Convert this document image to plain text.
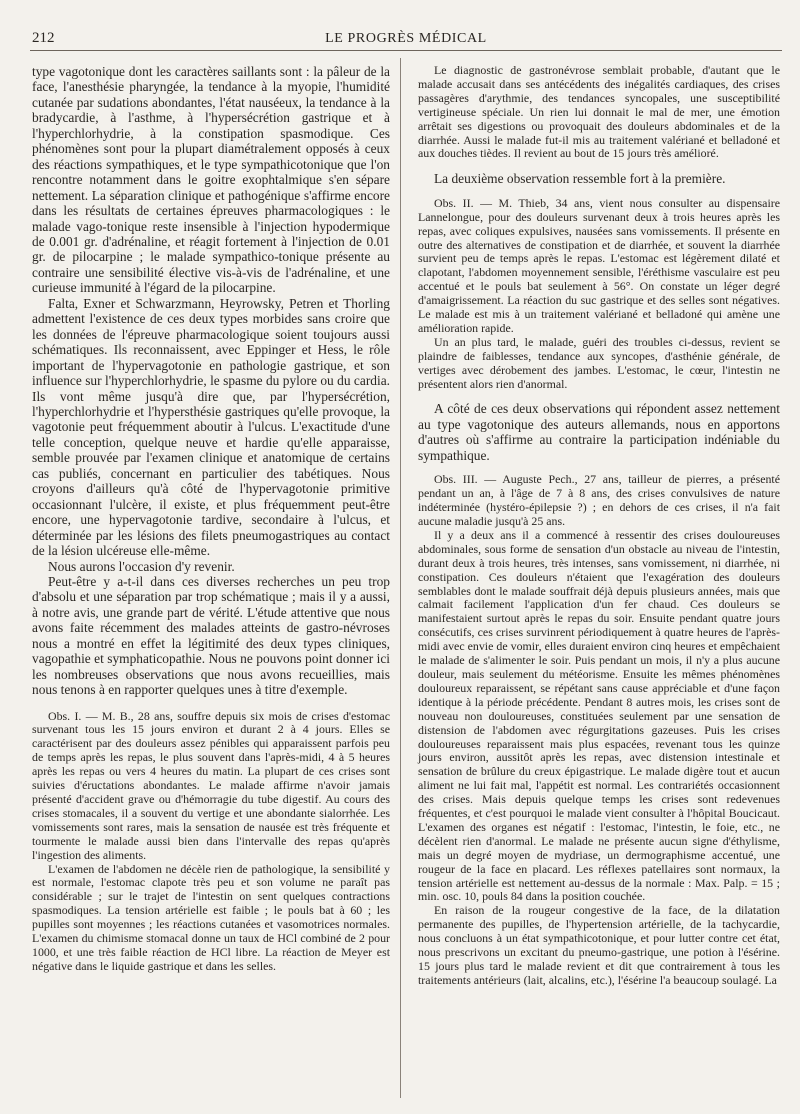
212	LE PROGRÈS MÉDICAL

type vagotonique dont les caractères saillants sont : la pâleur de la face, l'anesthésie pharyngée, la tendance à la myopie, l'humidité cutanée par sudations abondantes, l'état nauséeux, la tendance à la bradycardie, à l'asthme, à l'hypersécrétion gastrique et à l'hyperchlorhydrie, à la constipation spasmodique. Ces phénomènes sont pour la plupart diamétralement opposés à ceux des réactions sympathiques, et le type sympathicotonique que l'on rencontre notamment dans le goitre exophtalmique s'en sépare nettement. La séparation clinique et pathogénique s'affirme encore dans les résultats de certaines épreuves pharmacologiques : le malade vago-tonique reste insensible à l'injection hypodermique de 0.001 gr. d'adrénaline, et réagit fortement à l'injection de 0.01 gr. de pilocarpine ; le malade sympathico-tonique présente au contraire une sensibilité élective vis-à-vis de l'adrénaline, et une curieuse immunité à l'égard de la pilocarpine.

Falta, Exner et Schwarzmann, Heyrowsky, Petren et Thorling admettent l'existence de ces deux types morbides sans croire que les données de l'épreuve pharmacologique soient toujours aussi schématiques. Ils reconnaissent, avec Eppinger et Hess, le rôle important de l'hypervagotonie en pathologie gastrique, et son influence sur l'hyperchlorhydrie, le spasme du pylore ou du cardia. Ils vont même jusqu'à dire que, par l'hypersécrétion, l'hyperchlorhydrie et l'hypersthésie gastriques qu'elle provoque, la vagotonie peut fréquemment aboutir à l'ulcus. L'exactitude d'une telle conception, quelque neuve et hardie qu'elle apparaisse, semble prouvée par l'examen clinique et anatomique de certains cas publiés, concernant en particulier des tabétiques. Nous croyons d'ailleurs qu'à côté de l'hypervagotonie primitive occasionnant l'ulcère, il existe, et plus fréquemment peut-être encore, une hypervagotonie tardive, secondaire à l'ulcus, et déterminée par les lésions des filets pneumogastriques au contact de la lésion ulcéreuse elle-même.

Nous aurons l'occasion d'y revenir.

Peut-être y a-t-il dans ces diverses recherches un peu trop d'absolu et une séparation par trop schématique ; mais il y a aussi, à notre avis, une grande part de vérité. L'étude attentive que nous avons faite récemment des malades atteints de gastro-névroses nous a montré en effet la légitimité des deux types cliniques, vagopathie et symphaticopathie. Nous ne pouvons point donner ici les nombreuses observations que nous avons recueillies, mais nous tenons à en rapporter quelques unes à titre d'exemple.

Obs. I. — M. B., 28 ans, souffre depuis six mois de crises d'estomac survenant tous les 15 jours environ et durant 2 à 4 jours. Elles se caractérisent par des douleurs assez pénibles qui apparaissent parfois peu de temps après les repas, le plus souvent dans l'après-midi, 4 à 5 heures après les repas ou vers 4 heures du matin. La plupart de ces crises sont suivies d'éructations abondantes. Le malade affirme n'avoir jamais présenté d'accident grave ou d'hémorragie du tube digestif. Au cours des crises stomacales, il a souvent du vertige et une abondante sialorrhée. Les vomissements sont rares, mais la sensation de nausée est très fréquente et tourmente le malade aussi bien dans l'intervalle des repas qu'après l'ingestion des aliments.

L'examen de l'abdomen ne décèle rien de pathologique, la sensibilité y est normale, l'estomac clapote très peu et son volume ne paraît pas considérable ; sur le trajet de l'intestin on sent quelques contractions spasmodiques. La tension artérielle est faible ; le pouls bat à 60 ; les pupilles sont moyennes ; les réactions cutanées et vasomotrices normales. L'examen du chimisme stomacal donne un taux de HCl combiné de 2 pour 1000, et une très faible réaction de HCl libre. La réaction de Meyer est négative dans le liquide gastrique et dans les selles.

Le diagnostic de gastronévrose semblait probable, d'autant que le malade accusait dans ses antécédents des inégalités cardiaques, des crises passagères d'arythmie, des tendances syncopales, une susceptibilité vertigineuse spéciale. Un rien lui donnait le mal de mer, une émotion arrêtait ses digestions ou provoquait des douleurs abdominales et de la diarrhée. Aussi le malade fut-il mis au traitement valériané et belladoné et aux douches tièdes. Il revient au bout de 15 jours très amélioré.

La deuxième observation ressemble fort à la première.

Obs. II. — M. Thieb, 34 ans, vient nous consulter au dispensaire Lannelongue, pour des douleurs survenant deux à trois heures après les repas, avec coliques expulsives, nausées sans vomissements. Il présente en outre des alternatives de constipation et de diarrhée, et souvent la diarrhée survient peu de temps après le repas. L'estomac est légèrement dilaté et clapotant, l'abdomen moyennement sensible, l'éréthisme vasculaire est peu accentué et le pouls bat seulement à 56°. On constate un léger degré d'amaigrissement. La réaction du suc gastrique et des selles sont négatives. Le malade est mis à un traitement valériané et belladoné qui amène une amélioration rapide.

Un an plus tard, le malade, guéri des troubles ci-dessus, revient se plaindre de faiblesses, tendance aux syncopes, d'asthénie générale, de vertiges avec dérobement des jambes. L'estomac, le cœur, l'intestin ne présentent alors rien d'anormal.

A côté de ces deux observations qui répondent assez nettement au type vagotonique des auteurs allemands, nous en apportons d'autres où s'affirme au contraire la participation indéniable du sympathique.

Obs. III. — Auguste Pech., 27 ans, tailleur de pierres, a présenté pendant un an, à l'âge de 7 à 8 ans, des crises convulsives de nature indéterminée (hystéro-épilepsie ?) ; en dehors de ces crises, il n'a fait aucune maladie jusqu'à 25 ans.

Il y a deux ans il a commencé à ressentir des crises douloureuses abdominales, sous forme de sensation d'un obstacle au niveau de l'intestin, durant deux à trois heures, très intenses, sans vomissement, ni diarrhée, ni constipation. Ces douleurs n'étaient que l'exagération des douleurs semblables dont le malade souffrait déjà depuis plusieurs années, mais que calmait facilement l'application d'un fer chaud. Ces douleurs se manifestaient surtout après le repas du soir. Ensuite pendant quatre jours consécutifs, ces crises survinrent périodiquement à quatre heures de l'après-midi avec envie de vomir, elles duraient environ cinq heures et empêchaient le malade de s'alimenter le soir. Puis pendant un mois, il n'y a plus aucune douleur, mais seulement du météorisme. Ensuite les mêmes phénomènes douloureux reparaissent, se répétant sans cause appréciable et d'une façon identique à la période précédente. Pendant 8 autres mois, les crises sont de nouveau non douloureuses, constituées seulement par une sensation de distension de l'abdomen avec régurgitations gazeuses. Puis les crises douloureuses reparaissent mais plus espacées, revenant tous les quinze jours environ, aussitôt après les repas, avec distension intestinale et sensation de brûlure du creux épigastrique. Le malade digère tout et aucun aliment ne lui fait mal, l'appétit est normal. Les contrariétés occasionnent des crises. Mais depuis quelque temps les crises sont redevenues fréquentes, et c'est pourquoi le malade vient consulter à l'hôpital Boucicaut. L'examen des organes est négatif : l'estomac, l'intestin, le foie, etc., ne décèlent rien d'anormal. Le malade ne présente aucun signe d'éthylisme, mais un degré moyen de mydriase, un dermographisme accentué, une rougeur de la face en placard. Les réflexes patellaires sont normaux, la tension artérielle est nettement au-dessus de la normale : Max. Palp. = 15 ; min. osc. 10, pouls 84 dans la position couchée.

En raison de la rougeur congestive de la face, de la dilatation permanente des pupilles, de l'hypertension artérielle, de la tachycardie, nous concluons à un état sympathicotonique, et pour lutter contre cet état, nous prescrivons un excitant du pneumo-gastrique, une potion à l'ésérine. 15 jours plus tard le malade revient et dit que contrairement à tous les traitements antérieurs (lait, alcalins, etc.), l'ésérine l'a beaucoup soulagé. La
